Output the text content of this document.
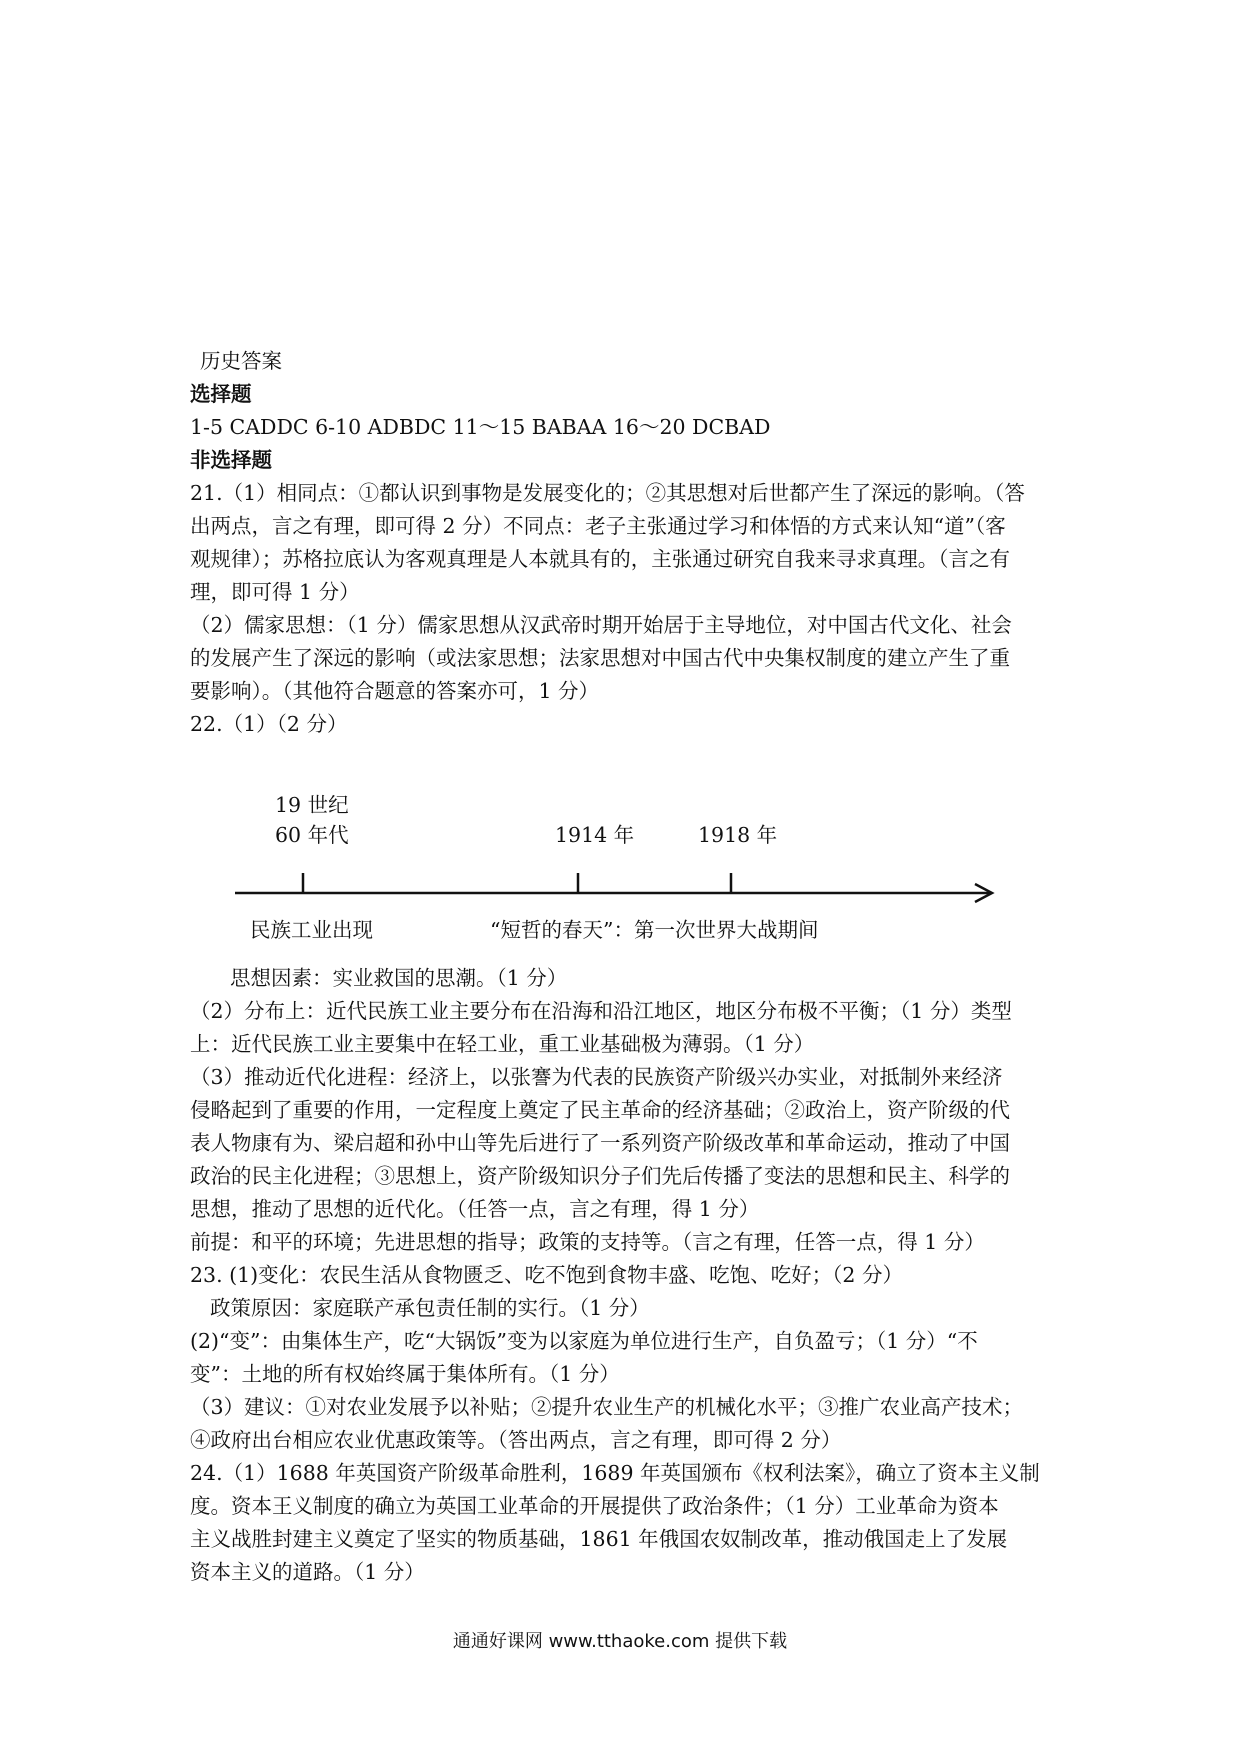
历史答案
选择题
1-5 CADDC 6-10 ADBDC 11～15 BABAA 16～20 DCBAD
非选择题
21.（1）相同点：①都认识到事物是发展变化的；②其思想对后世都产生了深远的影响。（答
出两点，言之有理，即可得 2 分）不同点：老子主张通过学习和体悟的方式来认知“道”（客
观规律）；苏格拉底认为客观真理是人本就具有的，主张通过研究自我来寻求真理。（言之有
理，即可得 1 分）
（2）儒家思想：（1 分）儒家思想从汉武帝时期开始居于主导地位，对中国古代文化、社会
的发展产生了深远的影响（或法家思想；法家思想对中国古代中央集权制度的建立产生了重
要影响）。（其他符合题意的答案亦可，1 分）
22.（1）（2 分）
19 世纪
60 年代	1914 年	1918 年
民族工业出现	“短哲的春天”：第一次世界大战期间
思想因素：实业救国的思潮。（1 分）
（2）分布上：近代民族工业主要分布在沿海和沿江地区，地区分布极不平衡；（1 分）类型
上：近代民族工业主要集中在轻工业，重工业基础极为薄弱。（1 分）
（3）推动近代化进程：经济上，以张謇为代表的民族资产阶级兴办实业，对抵制外来经济
侵略起到了重要的作用，一定程度上奠定了民主革命的经济基础；②政治上，资产阶级的代
表人物康有为、梁启超和孙中山等先后进行了一系列资产阶级改革和革命运动，推动了中国
政治的民主化进程；③思想上，资产阶级知识分子们先后传播了变法的思想和民主、科学的
思想，推动了思想的近代化。（任答一点，言之有理，得 1 分）
前提：和平的环境；先进思想的指导；政策的支持等。（言之有理，任答一点，得 1 分）
23. (1)变化：农民生活从食物匮乏、吃不饱到食物丰盛、吃饱、吃好；（2 分）
政策原因：家庭联产承包责任制的实行。（1 分）
(2)“变”：由集体生产，吃“大锅饭”变为以家庭为单位进行生产，自负盈亏；（1 分）“不
变”：土地的所有权始终属于集体所有。（1 分）
（3）建议：①对农业发展予以补贴；②提升农业生产的机械化水平；③推广农业高产技术；
④政府出台相应农业优惠政策等。（答出两点，言之有理，即可得 2 分）
24.（1）1688 年英国资产阶级革命胜利，1689 年英国颁布《权利法案》，确立了资本主义制
度。资本王义制度的确立为英国工业革命的开展提供了政治条件；（1 分）工业革命为资本
主义战胜封建主义奠定了坚实的物质基础，1861 年俄国农奴制改革，推动俄国走上了发展
资本主义的道路。（1 分）
通通好课网 www.tthaoke.com 提供下载
